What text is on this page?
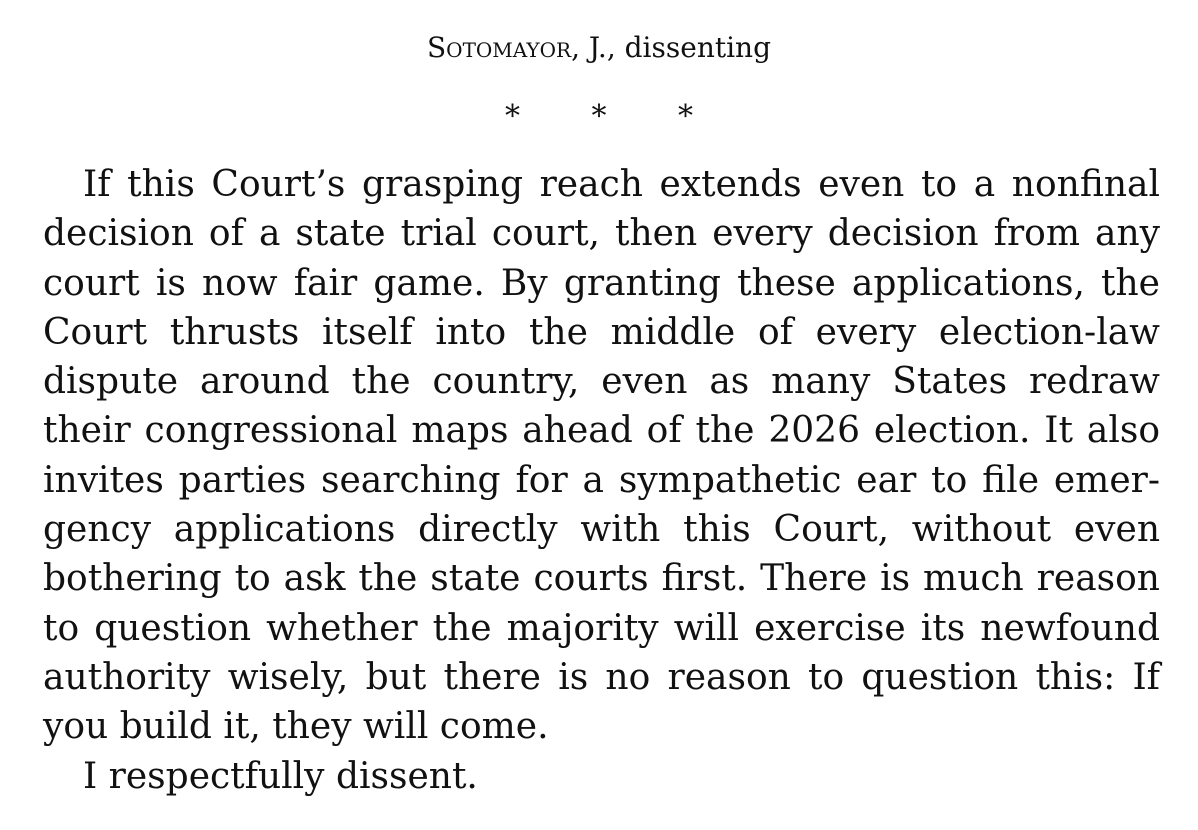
Sotomayor, J., dissenting
* * *

If this Court’s grasping reach extends even to a nonfinal decision of a state trial court, then every decision from any court is now fair game. By granting these applications, the Court thrusts itself into the middle of every election-law dispute around the country, even as many States redraw their congressional maps ahead of the 2026 election. It also invites parties searching for a sympathetic ear to file emergency applications directly with this Court, without even bothering to ask the state courts first. There is much reason to question whether the majority will exercise its newfound authority wisely, but there is no reason to question this: If you build it, they will come.

I respectfully dissent.
